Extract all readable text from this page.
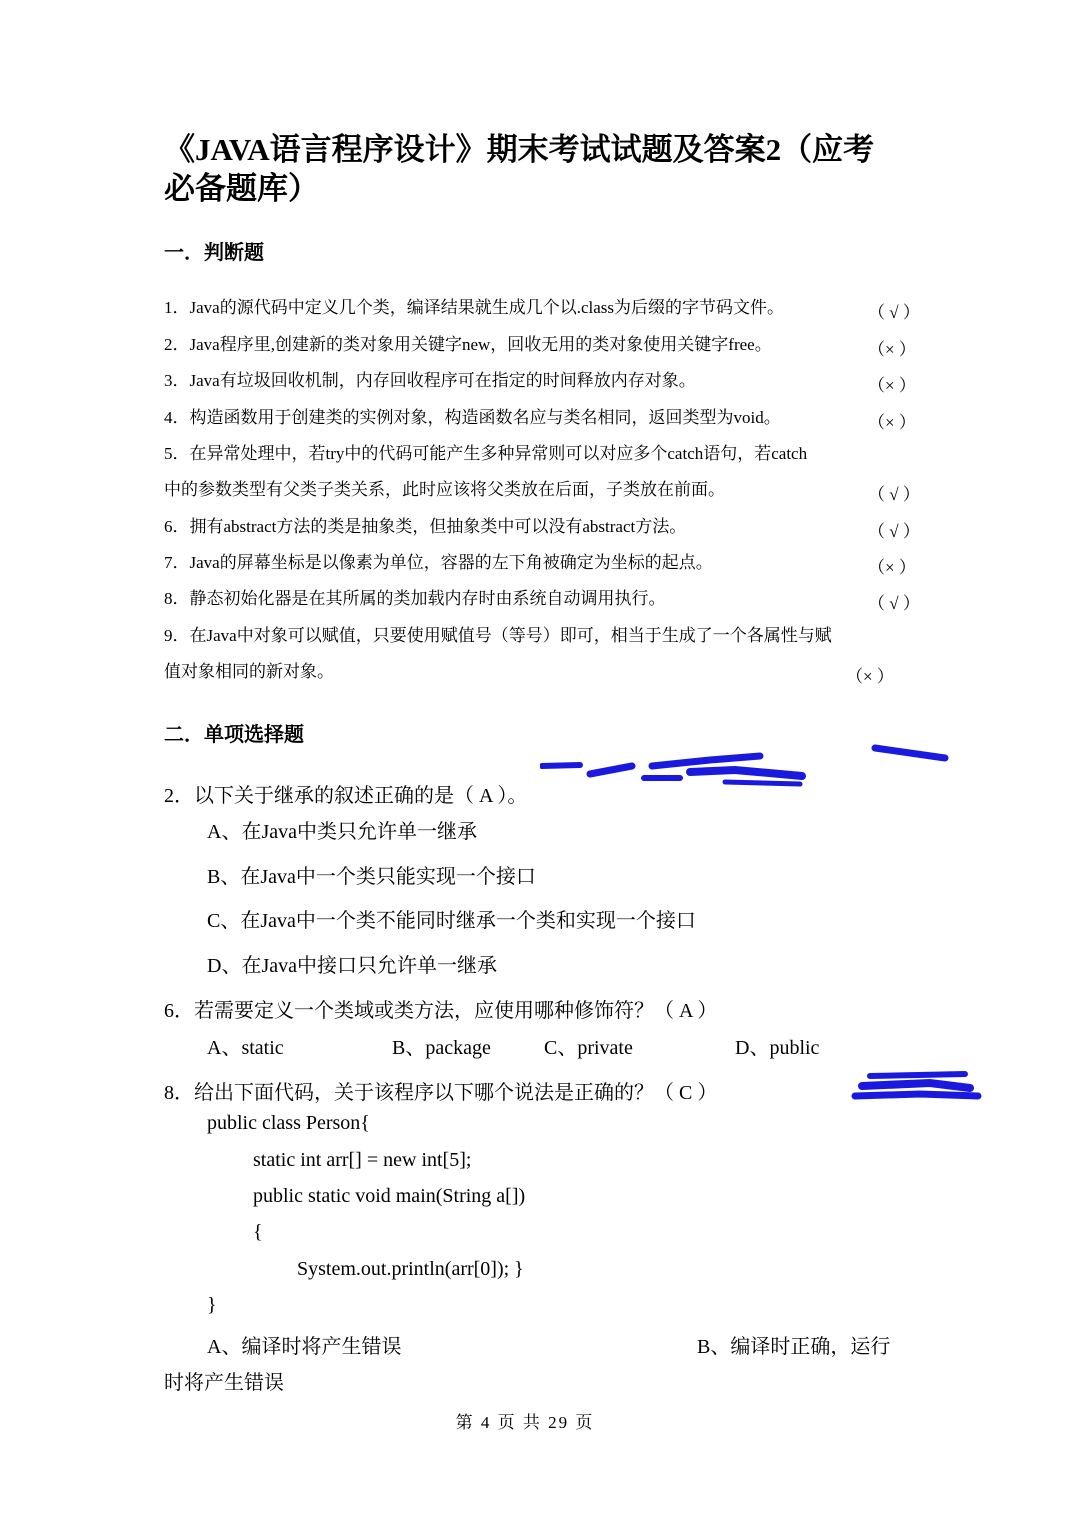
《JAVA语言程序设计》期末考试试题及答案2（应考
必备题库）
一．判断题
1．Java的源代码中定义几个类，编译结果就生成几个以.class为后缀的字节码文件。	（ √ ）
2．Java程序里,创建新的类对象用关键字new，回收无用的类对象使用关键字free。	（× ）
3．Java有垃圾回收机制，内存回收程序可在指定的时间释放内存对象。	（× ）
4．构造函数用于创建类的实例对象，构造函数名应与类名相同，返回类型为void。	（× ）
5．在异常处理中，若try中的代码可能产生多种异常则可以对应多个catch语句，若catch
中的参数类型有父类子类关系，此时应该将父类放在后面，子类放在前面。	（ √ ）
6．拥有abstract方法的类是抽象类，但抽象类中可以没有abstract方法。	（ √ ）
7．Java的屏幕坐标是以像素为单位，容器的左下角被确定为坐标的起点。	（× ）
8．静态初始化器是在其所属的类加载内存时由系统自动调用执行。	（ √ ）
9．在Java中对象可以赋值，只要使用赋值号（等号）即可，相当于生成了一个各属性与赋
值对象相同的新对象。	（× ）
二．单项选择题
2．以下关于继承的叙述正确的是（ A ）。
A、在Java中类只允许单一继承
B、在Java中一个类只能实现一个接口
C、在Java中一个类不能同时继承一个类和实现一个接口
D、在Java中接口只允许单一继承
6．若需要定义一个类域或类方法，应使用哪种修饰符？（ A ）
A、static	B、package	C、private	D、public
8．给出下面代码，关于该程序以下哪个说法是正确的？（ C ）
public class Person{
static int arr[] = new int[5];
public static void main(String a[])
{
System.out.println(arr[0]); }
}
A、编译时将产生错误	B、编译时正确，运行
时将产生错误
第 4 页 共 29 页
